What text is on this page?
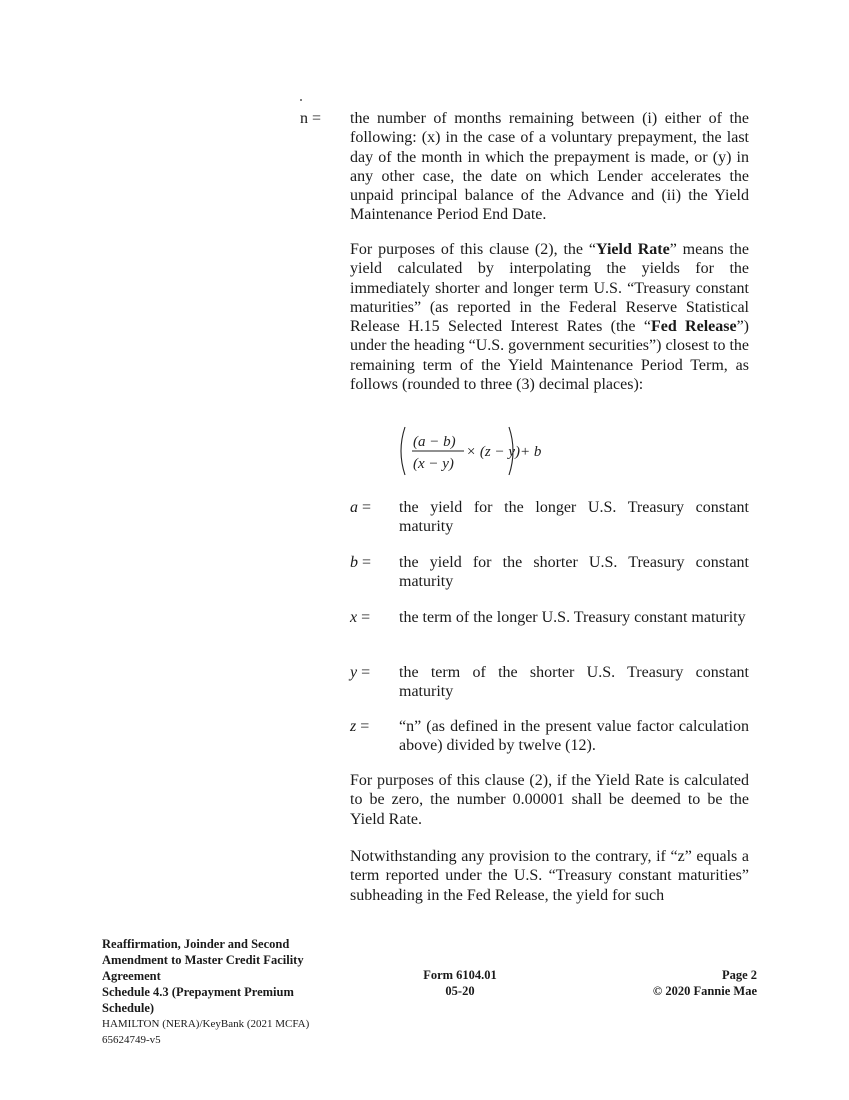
n = the number of months remaining between (i) either of the following: (x) in the case of a voluntary prepayment, the last day of the month in which the prepayment is made, or (y) in any other case, the date on which Lender accelerates the unpaid principal balance of the Advance and (ii) the Yield Maintenance Period End Date.
For purposes of this clause (2), the “Yield Rate” means the yield calculated by interpolating the yields for the immediately shorter and longer term U.S. “Treasury constant maturities” (as reported in the Federal Reserve Statistical Release H.15 Selected Interest Rates (the “Fed Release”) under the heading “U.S. government securities”) closest to the remaining term of the Yield Maintenance Period Term, as follows (rounded to three (3) decimal places):
(a − b)
(x − y)
× (z − y) + b
a = the yield for the longer U.S. Treasury constant maturity
b = the yield for the shorter U.S. Treasury constant maturity
x = the term of the longer U.S. Treasury constant maturity
y = the term of the shorter U.S. Treasury constant maturity
z = “n” (as defined in the present value factor calculation above) divided by twelve (12).
For purposes of this clause (2), if the Yield Rate is calculated to be zero, the number 0.00001 shall be deemed to be the Yield Rate.
Notwithstanding any provision to the contrary, if “z” equals a term reported under the U.S. “Treasury constant maturities” subheading in the Fed Release, the yield for such
Reaffirmation, Joinder and Second
Amendment to Master Credit Facility
Agreement
Schedule 4.3 (Prepayment Premium
Schedule)
HAMILTON (NERA)/KeyBank (2021 MCFA)
65624749-v5
Form 6104.01
05-20
Page 2
© 2020 Fannie Mae
